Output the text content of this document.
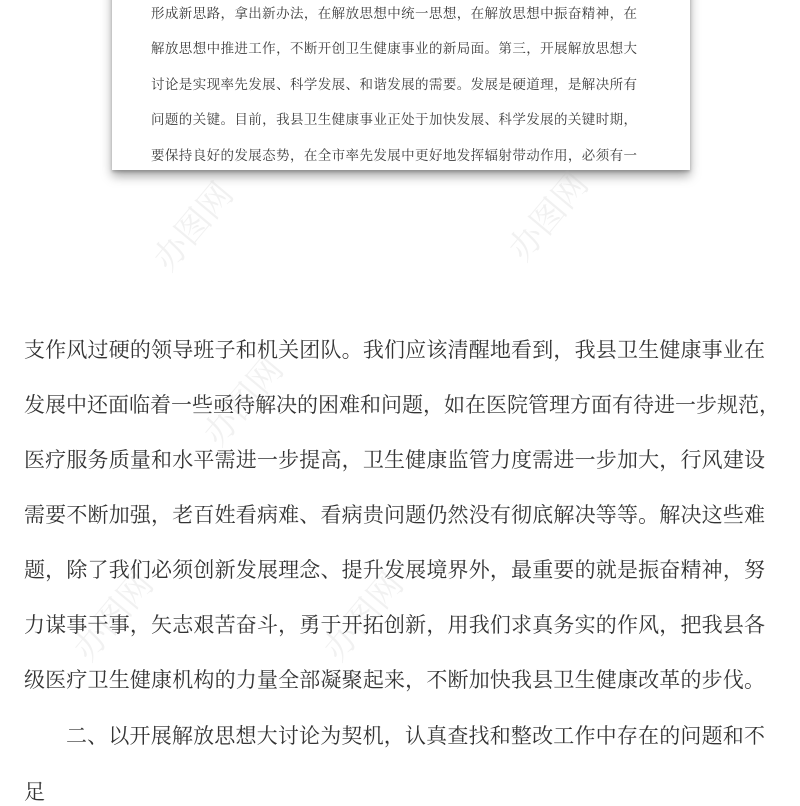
形成新思路，拿出新办法，在解放思想中统一思想，在解放思想中振奋精神，在
解放思想中推进工作，不断开创卫生健康事业的新局面。第三，开展解放思想大
讨论是实现率先发展、科学发展、和谐发展的需要。发展是硬道理，是解决所有
问题的关键。目前，我县卫生健康事业正处于加快发展、科学发展的关键时期，
要保持良好的发展态势，在全市率先发展中更好地发挥辐射带动作用，必须有一
办图网	办图网
办图网
办图网	办图网
支作风过硬的领导班子和机关团队。我们应该清醒地看到，我县卫生健康事业在
发展中还面临着一些亟待解决的困难和问题，如在医院管理方面有待进一步规范，
医疗服务质量和水平需进一步提高，卫生健康监管力度需进一步加大，行风建设
需要不断加强，老百姓看病难、看病贵问题仍然没有彻底解决等等。解决这些难
题，除了我们必须创新发展理念、提升发展境界外，最重要的就是振奋精神，努
力谋事干事，矢志艰苦奋斗，勇于开拓创新，用我们求真务实的作风，把我县各
级医疗卫生健康机构的力量全部凝聚起来，不断加快我县卫生健康改革的步伐。
二、以开展解放思想大讨论为契机，认真查找和整改工作中存在的问题和不
足
